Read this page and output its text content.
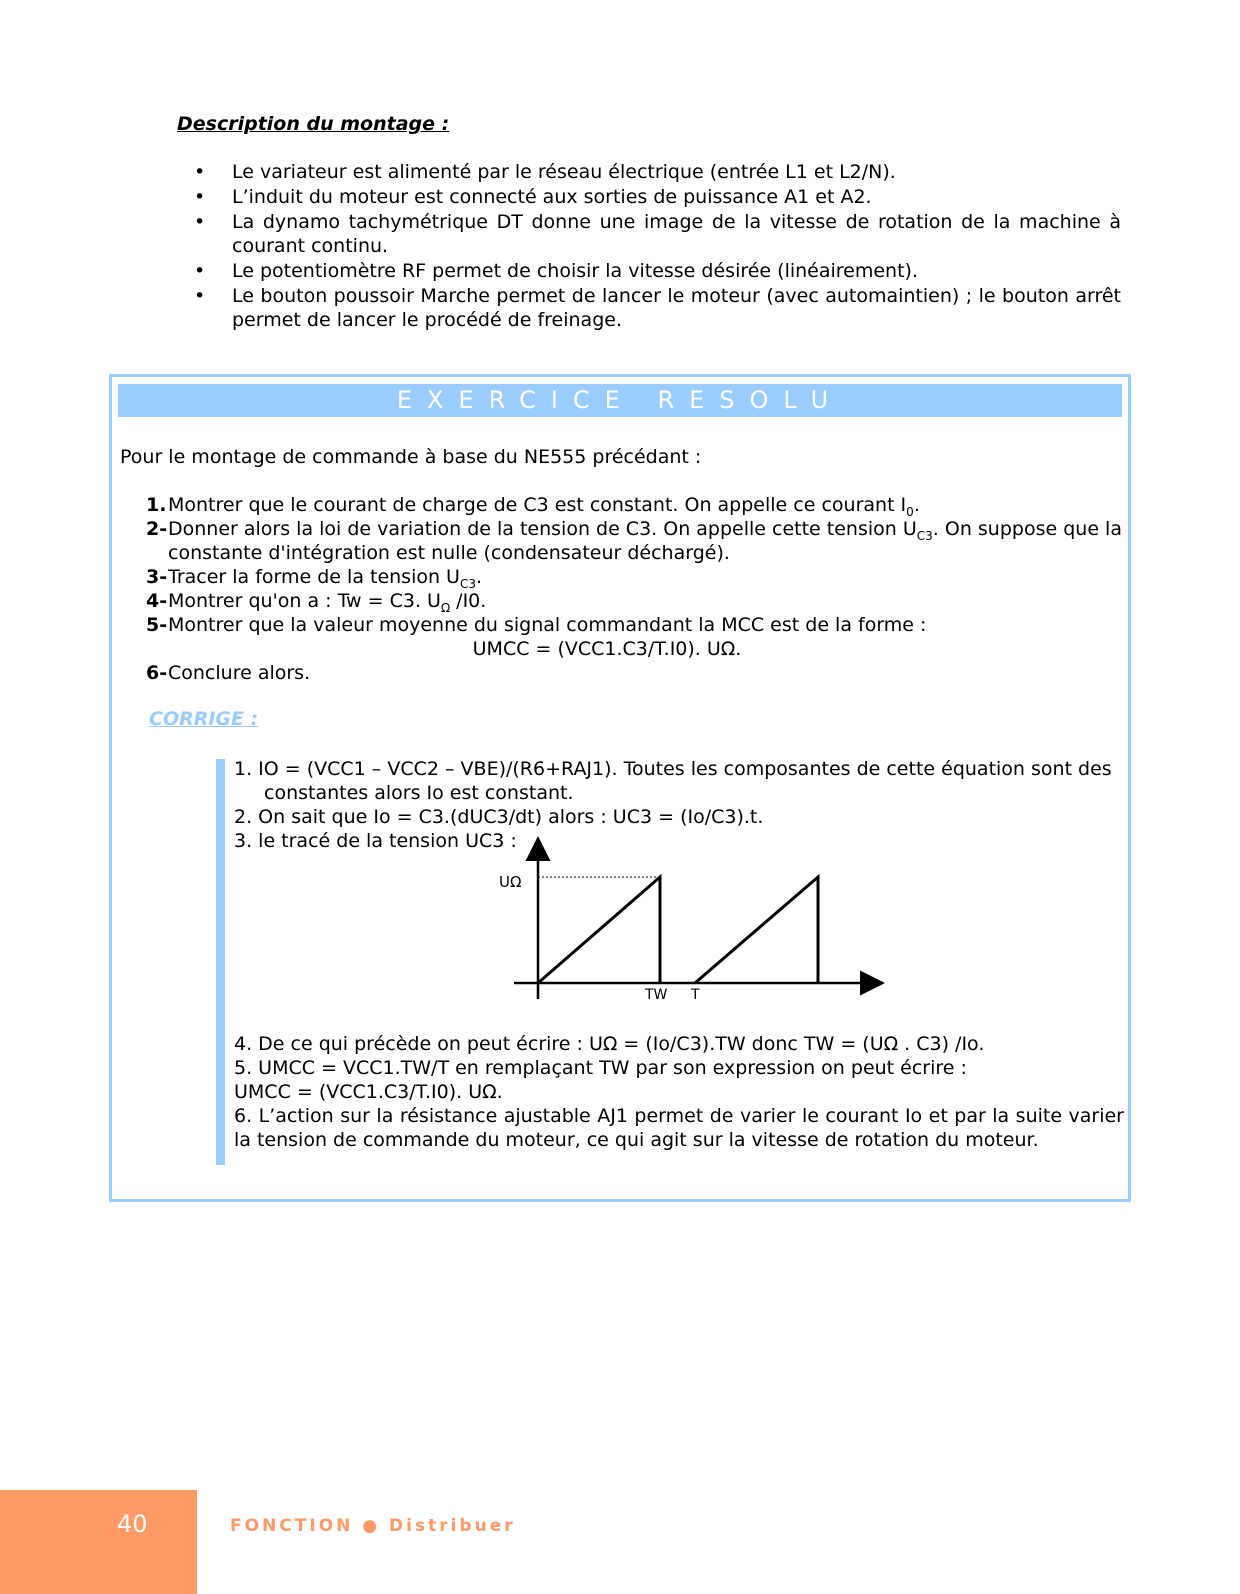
Description du montage :
• Le variateur est alimenté par le réseau électrique (entrée L1 et L2/N).
• L’induit du moteur est connecté aux sorties de puissance A1 et A2.
• La dynamo tachymétrique DT donne une image de la vitesse de rotation de la machine à courant continu.
• Le potentiomètre RF permet de choisir la vitesse désirée (linéairement).
• Le bouton poussoir Marche permet de lancer le moteur (avec automaintien) ; le bouton arrêt permet de lancer le procédé de freinage.
EXERCICE RESOLU
Pour le montage de commande à base du NE555 précédant :
1. Montrer que le courant de charge de C3 est constant. On appelle ce courant $I_0$.
2- Donner alors la loi de variation de la tension de C3. On appelle cette tension $U_{C3}$. On suppose que la constante d'intégration est nulle (condensateur déchargé).
3- Tracer la forme de la tension $U_{C3}$.
4- Montrer qu'on a : Tw = C3. $U_\Omega$ /I0.
5- Montrer que la valeur moyenne du signal commandant la MCC est de la forme :
UMCC = (VCC1.C3/T.I0). UΩ.
6- Conclure alors.
CORRIGE :
1. IO = (VCC1 – VCC2 – VBE)/(R6+RAJ1). Toutes les composantes de cette équation sont des
constantes alors Io est constant.
2. On sait que Io = C3.(dUC3/dt) alors : UC3 = (Io/C3).t.
3. le tracé de la tension UC3 :
UΩ
TW T
4. De ce qui précède on peut écrire : UΩ = (Io/C3).TW donc TW = (UΩ . C3) /Io.
5. UMCC = VCC1.TW/T en remplaçant TW par son expression on peut écrire :
UMCC = (VCC1.C3/T.I0). UΩ.
6. L’action sur la résistance ajustable AJ1 permet de varier le courant Io et par la suite varier la tension de commande du moteur, ce qui agit sur la vitesse de rotation du moteur.
40	FONCTION ● Distribuer
